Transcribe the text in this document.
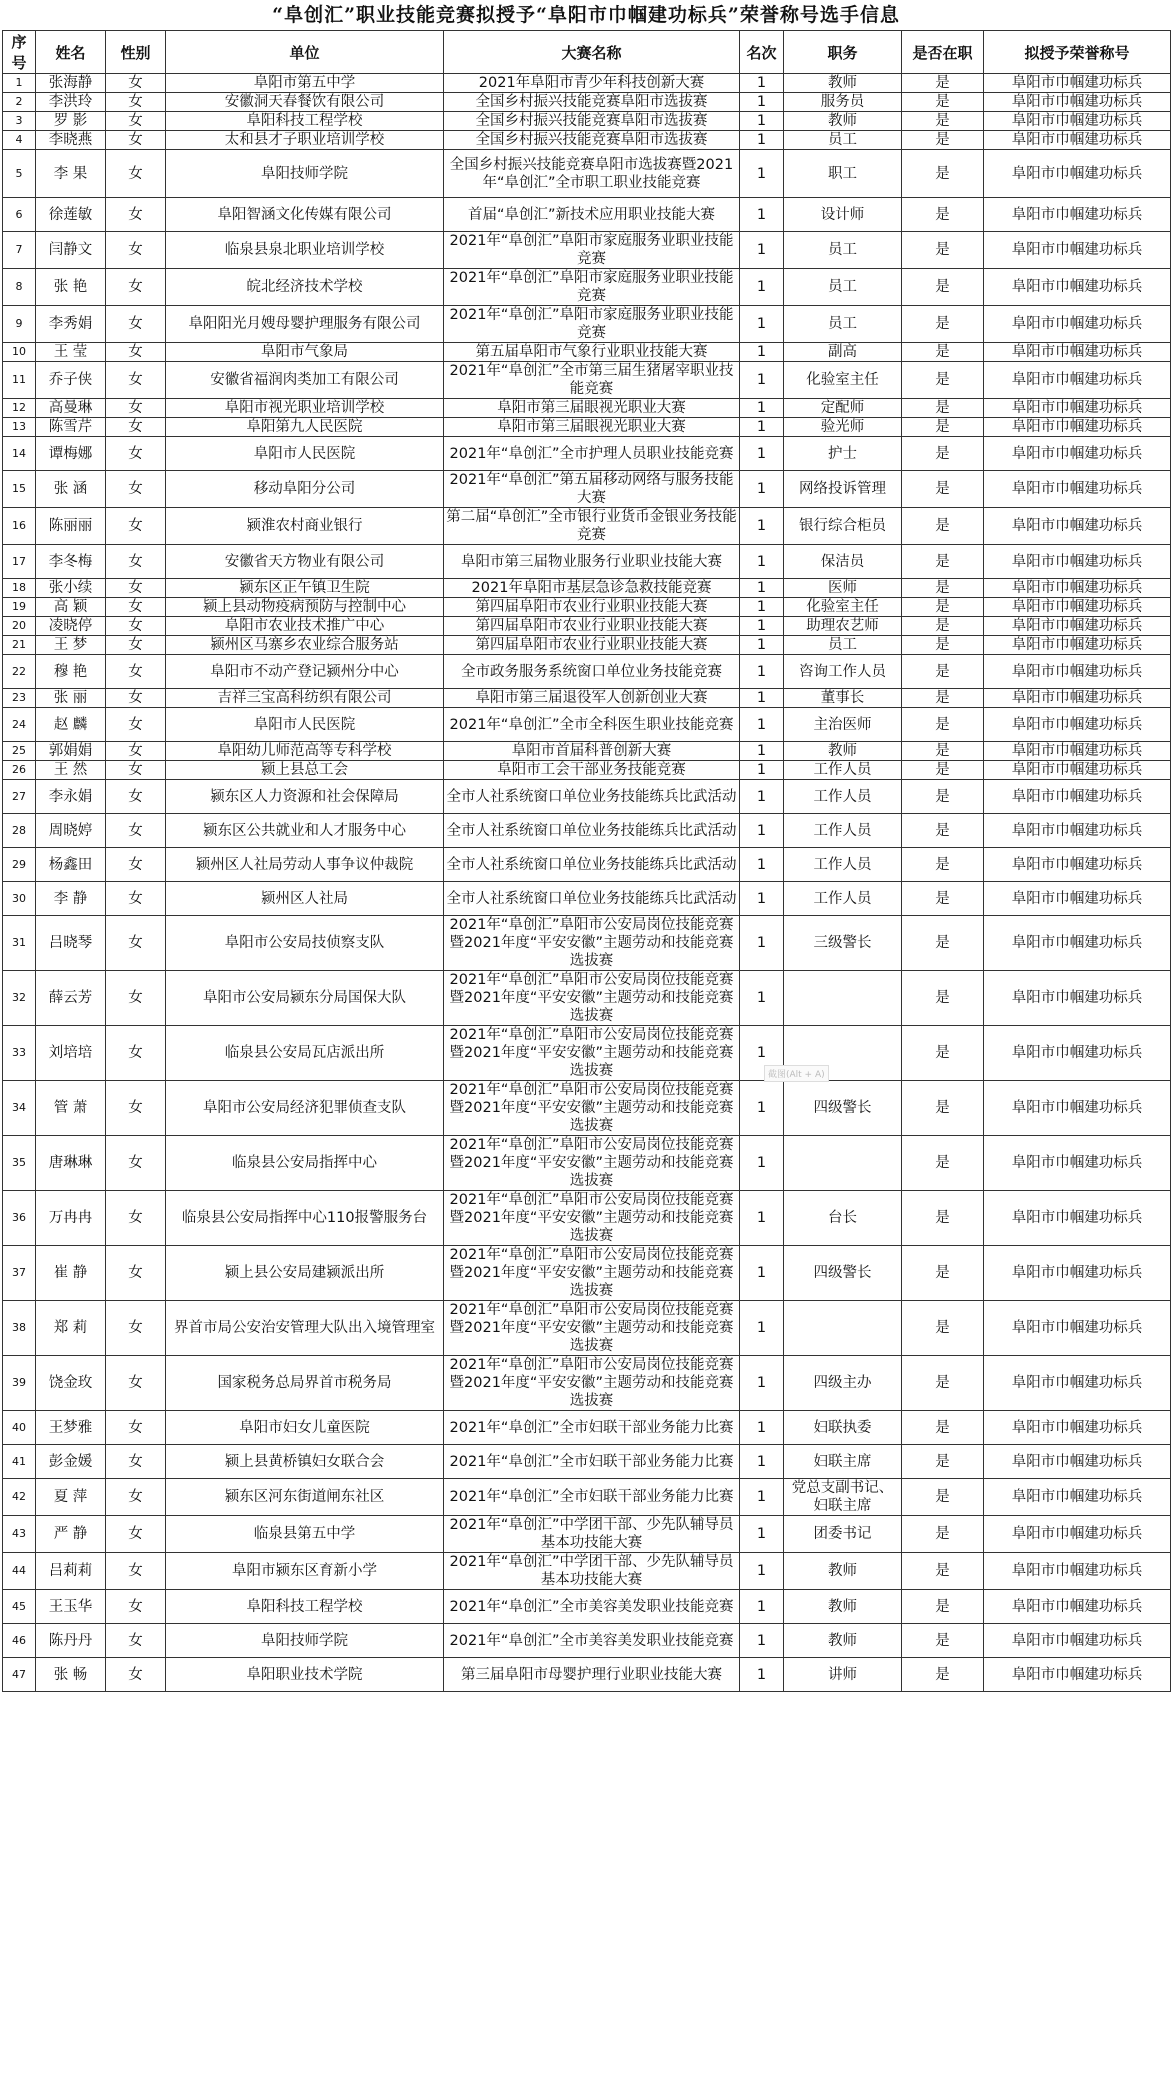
“阜创汇”职业技能竞赛拟授予“阜阳市巾帼建功标兵”荣誉称号选手信息
序号	姓名	性别	单位	大赛名称	名次	职务	是否在职	拟授予荣誉称号
1	张海静	女	阜阳市第五中学	2021年阜阳市青少年科技创新大赛	1	教师	是	阜阳市巾帼建功标兵
2	李洪玲	女	安徽洞天春餐饮有限公司	全国乡村振兴技能竞赛阜阳市选拔赛	1	服务员	是	阜阳市巾帼建功标兵
3	罗 影	女	阜阳科技工程学校	全国乡村振兴技能竞赛阜阳市选拔赛	1	教师	是	阜阳市巾帼建功标兵
4	李晓燕	女	太和县才子职业培训学校	全国乡村振兴技能竞赛阜阳市选拔赛	1	员工	是	阜阳市巾帼建功标兵
5	李 果	女	阜阳技师学院	全国乡村振兴技能竞赛阜阳市选拔赛暨2021年“阜创汇”全市职工职业技能竞赛	1	职工	是	阜阳市巾帼建功标兵
6	徐莲敏	女	阜阳智涵文化传媒有限公司	首届“阜创汇”新技术应用职业技能大赛	1	设计师	是	阜阳市巾帼建功标兵
7	闫静文	女	临泉县泉北职业培训学校	2021年“阜创汇”阜阳市家庭服务业职业技能竞赛	1	员工	是	阜阳市巾帼建功标兵
8	张 艳	女	皖北经济技术学校	2021年“阜创汇”阜阳市家庭服务业职业技能竞赛	1	员工	是	阜阳市巾帼建功标兵
9	李秀娟	女	阜阳阳光月嫂母婴护理服务有限公司	2021年“阜创汇”阜阳市家庭服务业职业技能竞赛	1	员工	是	阜阳市巾帼建功标兵
10	王 莹	女	阜阳市气象局	第五届阜阳市气象行业职业技能大赛	1	副高	是	阜阳市巾帼建功标兵
11	乔子侠	女	安徽省福润肉类加工有限公司	2021年“阜创汇”全市第三届生猪屠宰职业技能竞赛	1	化验室主任	是	阜阳市巾帼建功标兵
12	高曼琳	女	阜阳市视光职业培训学校	阜阳市第三届眼视光职业大赛	1	定配师	是	阜阳市巾帼建功标兵
13	陈雪芹	女	阜阳第九人民医院	阜阳市第三届眼视光职业大赛	1	验光师	是	阜阳市巾帼建功标兵
14	谭梅娜	女	阜阳市人民医院	2021年“阜创汇”全市护理人员职业技能竞赛	1	护士	是	阜阳市巾帼建功标兵
15	张 涵	女	移动阜阳分公司	2021年“阜创汇”第五届移动网络与服务技能大赛	1	网络投诉管理	是	阜阳市巾帼建功标兵
16	陈丽丽	女	颍淮农村商业银行	第二届“阜创汇”全市银行业货币金银业务技能竞赛	1	银行综合柜员	是	阜阳市巾帼建功标兵
17	李冬梅	女	安徽省天方物业有限公司	阜阳市第三届物业服务行业职业技能大赛	1	保洁员	是	阜阳市巾帼建功标兵
18	张小续	女	颍东区正午镇卫生院	2021年阜阳市基层急诊急救技能竞赛	1	医师	是	阜阳市巾帼建功标兵
19	高 颖	女	颍上县动物疫病预防与控制中心	第四届阜阳市农业行业职业技能大赛	1	化验室主任	是	阜阳市巾帼建功标兵
20	凌晓停	女	阜阳市农业技术推广中心	第四届阜阳市农业行业职业技能大赛	1	助理农艺师	是	阜阳市巾帼建功标兵
21	王 梦	女	颍州区马寨乡农业综合服务站	第四届阜阳市农业行业职业技能大赛	1	员工	是	阜阳市巾帼建功标兵
22	穆 艳	女	阜阳市不动产登记颍州分中心	全市政务服务系统窗口单位业务技能竞赛	1	咨询工作人员	是	阜阳市巾帼建功标兵
23	张 丽	女	吉祥三宝高科纺织有限公司	阜阳市第三届退役军人创新创业大赛	1	董事长	是	阜阳市巾帼建功标兵
24	赵 麟	女	阜阳市人民医院	2021年“阜创汇”全市全科医生职业技能竞赛	1	主治医师	是	阜阳市巾帼建功标兵
25	郭娟娟	女	阜阳幼儿师范高等专科学校	阜阳市首届科普创新大赛	1	教师	是	阜阳市巾帼建功标兵
26	王 然	女	颍上县总工会	阜阳市工会干部业务技能竞赛	1	工作人员	是	阜阳市巾帼建功标兵
27	李永娟	女	颍东区人力资源和社会保障局	全市人社系统窗口单位业务技能练兵比武活动	1	工作人员	是	阜阳市巾帼建功标兵
28	周晓婷	女	颍东区公共就业和人才服务中心	全市人社系统窗口单位业务技能练兵比武活动	1	工作人员	是	阜阳市巾帼建功标兵
29	杨鑫田	女	颍州区人社局劳动人事争议仲裁院	全市人社系统窗口单位业务技能练兵比武活动	1	工作人员	是	阜阳市巾帼建功标兵
30	李 静	女	颍州区人社局	全市人社系统窗口单位业务技能练兵比武活动	1	工作人员	是	阜阳市巾帼建功标兵
31	吕晓琴	女	阜阳市公安局技侦察支队	2021年“阜创汇”阜阳市公安局岗位技能竞赛暨2021年度“平安安徽”主题劳动和技能竞赛选拔赛	1	三级警长	是	阜阳市巾帼建功标兵
32	薛云芳	女	阜阳市公安局颍东分局国保大队	2021年“阜创汇”阜阳市公安局岗位技能竞赛暨2021年度“平安安徽”主题劳动和技能竞赛选拔赛	1		是	阜阳市巾帼建功标兵
33	刘培培	女	临泉县公安局瓦店派出所	2021年“阜创汇”阜阳市公安局岗位技能竞赛暨2021年度“平安安徽”主题劳动和技能竞赛选拔赛	1		是	阜阳市巾帼建功标兵
34	管 萧	女	阜阳市公安局经济犯罪侦查支队	2021年“阜创汇”阜阳市公安局岗位技能竞赛暨2021年度“平安安徽”主题劳动和技能竞赛选拔赛	1	四级警长	是	阜阳市巾帼建功标兵
35	唐琳琳	女	临泉县公安局指挥中心	2021年“阜创汇”阜阳市公安局岗位技能竞赛暨2021年度“平安安徽”主题劳动和技能竞赛选拔赛	1		是	阜阳市巾帼建功标兵
36	万冉冉	女	临泉县公安局指挥中心110报警服务台	2021年“阜创汇”阜阳市公安局岗位技能竞赛暨2021年度“平安安徽”主题劳动和技能竞赛选拔赛	1	台长	是	阜阳市巾帼建功标兵
37	崔 静	女	颍上县公安局建颍派出所	2021年“阜创汇”阜阳市公安局岗位技能竞赛暨2021年度“平安安徽”主题劳动和技能竞赛选拔赛	1	四级警长	是	阜阳市巾帼建功标兵
38	郑 莉	女	界首市局公安治安管理大队出入境管理室	2021年“阜创汇”阜阳市公安局岗位技能竞赛暨2021年度“平安安徽”主题劳动和技能竞赛选拔赛	1		是	阜阳市巾帼建功标兵
39	饶金玫	女	国家税务总局界首市税务局	2021年“阜创汇”阜阳市公安局岗位技能竞赛暨2021年度“平安安徽”主题劳动和技能竞赛选拔赛	1	四级主办	是	阜阳市巾帼建功标兵
40	王梦雅	女	阜阳市妇女儿童医院	2021年“阜创汇”全市妇联干部业务能力比赛	1	妇联执委	是	阜阳市巾帼建功标兵
41	彭金媛	女	颍上县黄桥镇妇女联合会	2021年“阜创汇”全市妇联干部业务能力比赛	1	妇联主席	是	阜阳市巾帼建功标兵
42	夏 萍	女	颍东区河东街道闸东社区	2021年“阜创汇”全市妇联干部业务能力比赛	1	党总支副书记、妇联主席	是	阜阳市巾帼建功标兵
43	严 静	女	临泉县第五中学	2021年“阜创汇”中学团干部、少先队辅导员基本功技能大赛	1	团委书记	是	阜阳市巾帼建功标兵
44	吕莉莉	女	阜阳市颍东区育新小学	2021年“阜创汇”中学团干部、少先队辅导员基本功技能大赛	1	教师	是	阜阳市巾帼建功标兵
45	王玉华	女	阜阳科技工程学校	2021年“阜创汇”全市美容美发职业技能竞赛	1	教师	是	阜阳市巾帼建功标兵
46	陈丹丹	女	阜阳技师学院	2021年“阜创汇”全市美容美发职业技能竞赛	1	教师	是	阜阳市巾帼建功标兵
47	张 畅	女	阜阳职业技术学院	第三届阜阳市母婴护理行业职业技能大赛	1	讲师	是	阜阳市巾帼建功标兵
截图(Alt + A)
